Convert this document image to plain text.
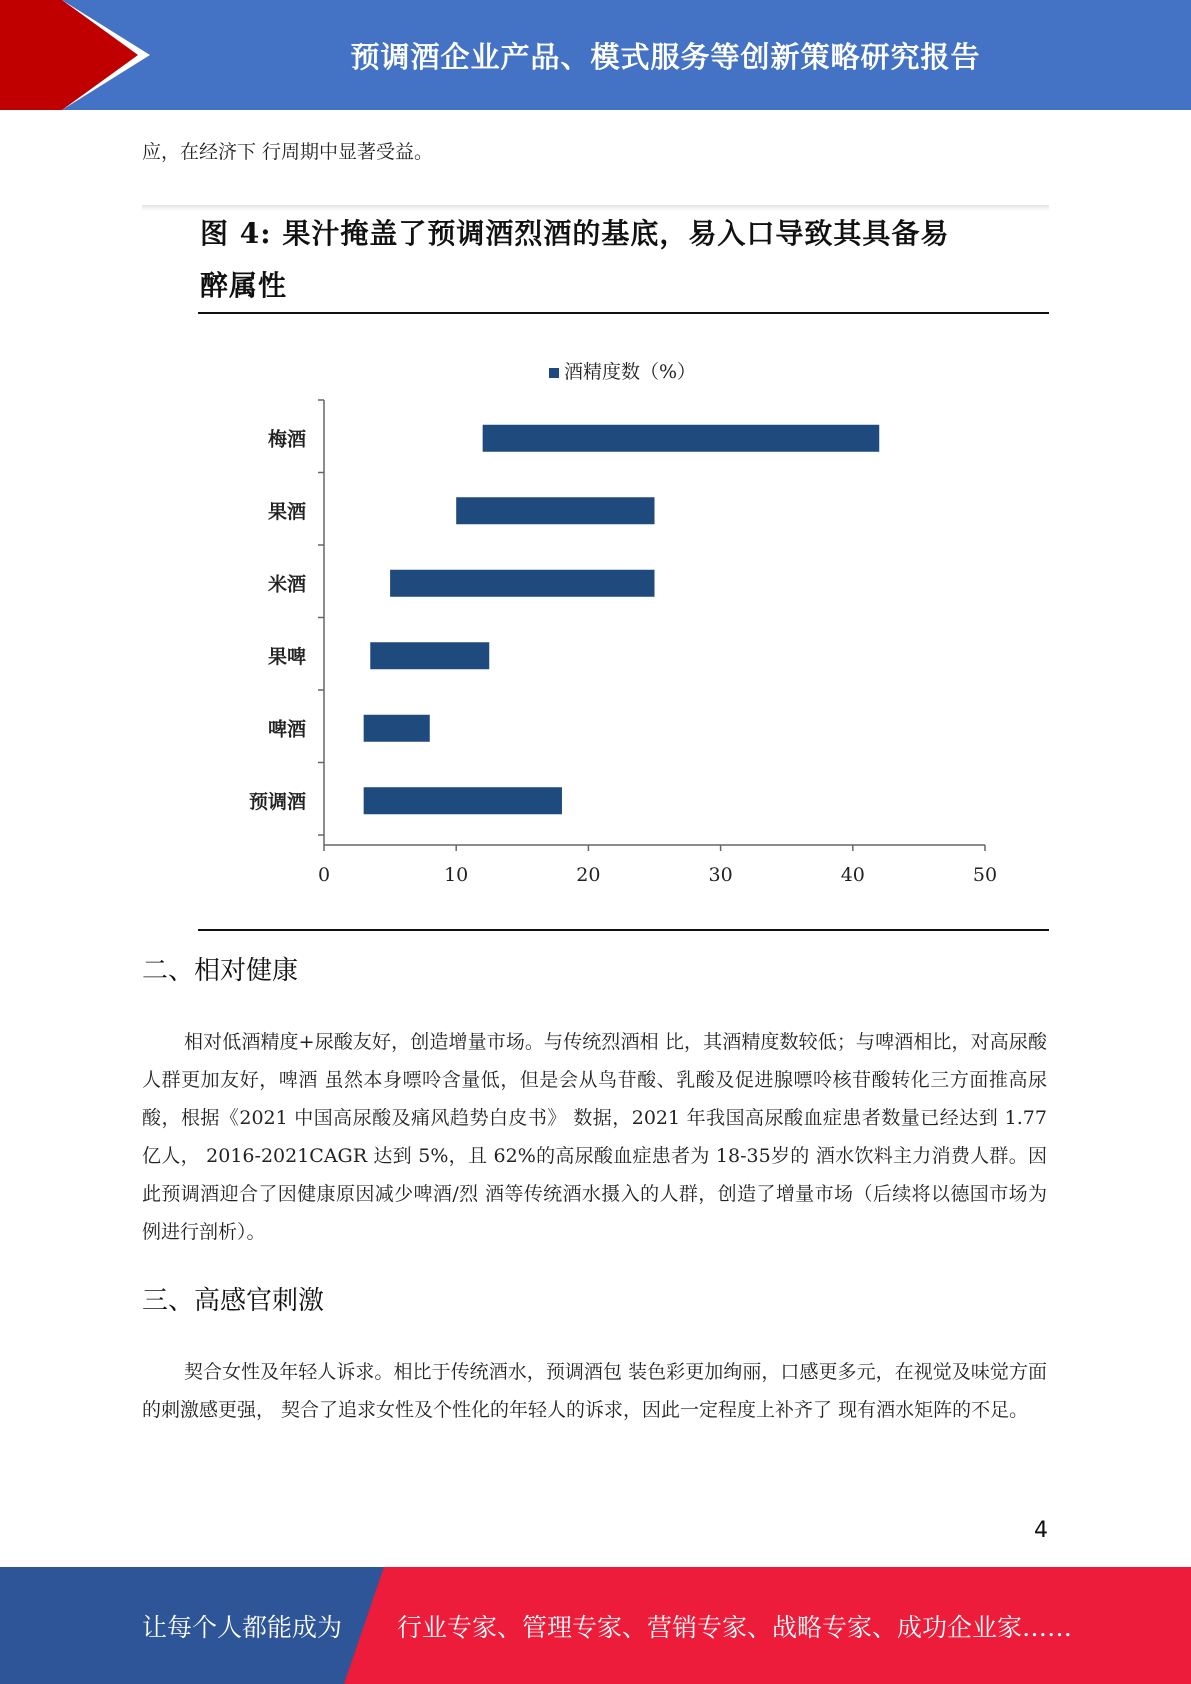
预调酒企业产品、模式服务等创新策略研究报告
应，在经济下 行周期中显著受益。
图 4: 果汁掩盖了预调酒烈酒的基底，易入口导致其具备易
醉属性
酒精度数（%）
0	10	20	30	40	50
梅酒
果酒
米酒
果啤
啤酒
预调酒
二、相对健康
相对低酒精度+尿酸友好，创造增量市场。与传统烈酒相 比，其酒精度数较低；与啤酒相比，对高尿酸人群更加友好，啤酒 虽然本身嘌呤含量低，但是会从鸟苷酸、乳酸及促进腺嘌呤核苷酸转化三方面推高尿酸，根据《2021 中国高尿酸及痛风趋势白皮书》 数据，2021 年我国高尿酸血症患者数量已经达到 1.77 亿人， 2016-2021CAGR 达到 5%，且 62%的高尿酸血症患者为 18-35岁的 酒水饮料主力消费人群。因此预调酒迎合了因健康原因减少啤酒/烈 酒等传统酒水摄入的人群，创造了增量市场（后续将以德国市场为 例进行剖析）。
三、高感官刺激
契合女性及年轻人诉求。相比于传统酒水，预调酒包 装色彩更加绚丽，口感更多元，在视觉及味觉方面的刺激感更强， 契合了追求女性及个性化的年轻人的诉求，因此一定程度上补齐了 现有酒水矩阵的不足。
4
让每个人都能成为 行业专家、管理专家、营销专家、战略专家、成功企业家……
